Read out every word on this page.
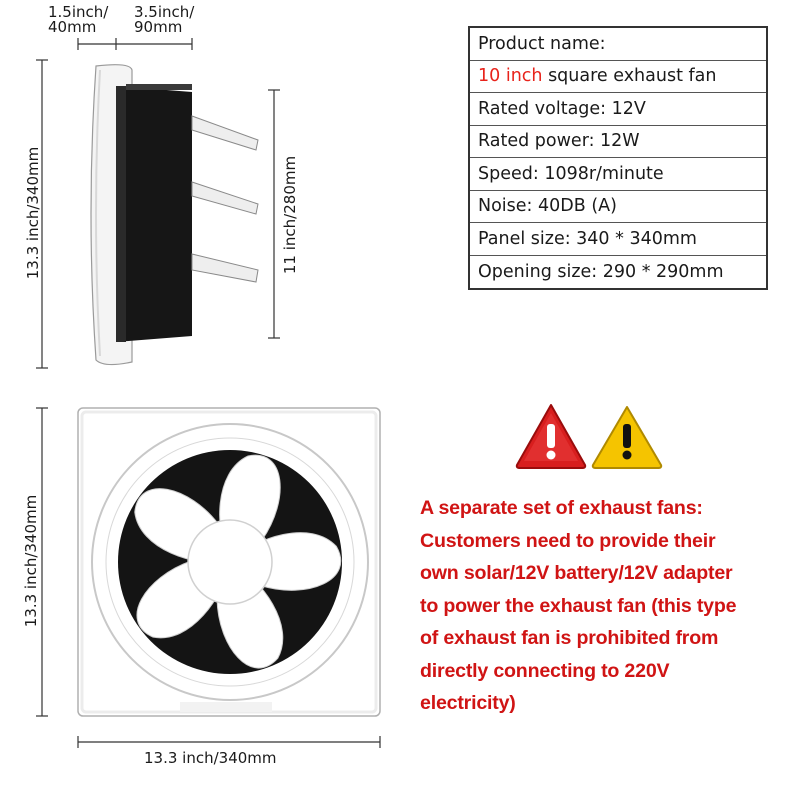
1.5inch/
40mm
3.5inch/
90mm
13.3 inch/340mm	11 inch/280mm
Product name:
10 inch square exhaust fan
Rated voltage: 12V
Rated power: 12W
Speed: 1098r/minute
Noise: 40DB (A)
Panel size: 340 * 340mm
Opening size: 290 * 290mm
13.3 inch/340mm
13.3 inch/340mm
A separate set of exhaust fans:
Customers need to provide their
own solar/12V battery/12V adapter
to power the exhaust fan (this type
of exhaust fan is prohibited from
directly connecting to 220V
electricity)
